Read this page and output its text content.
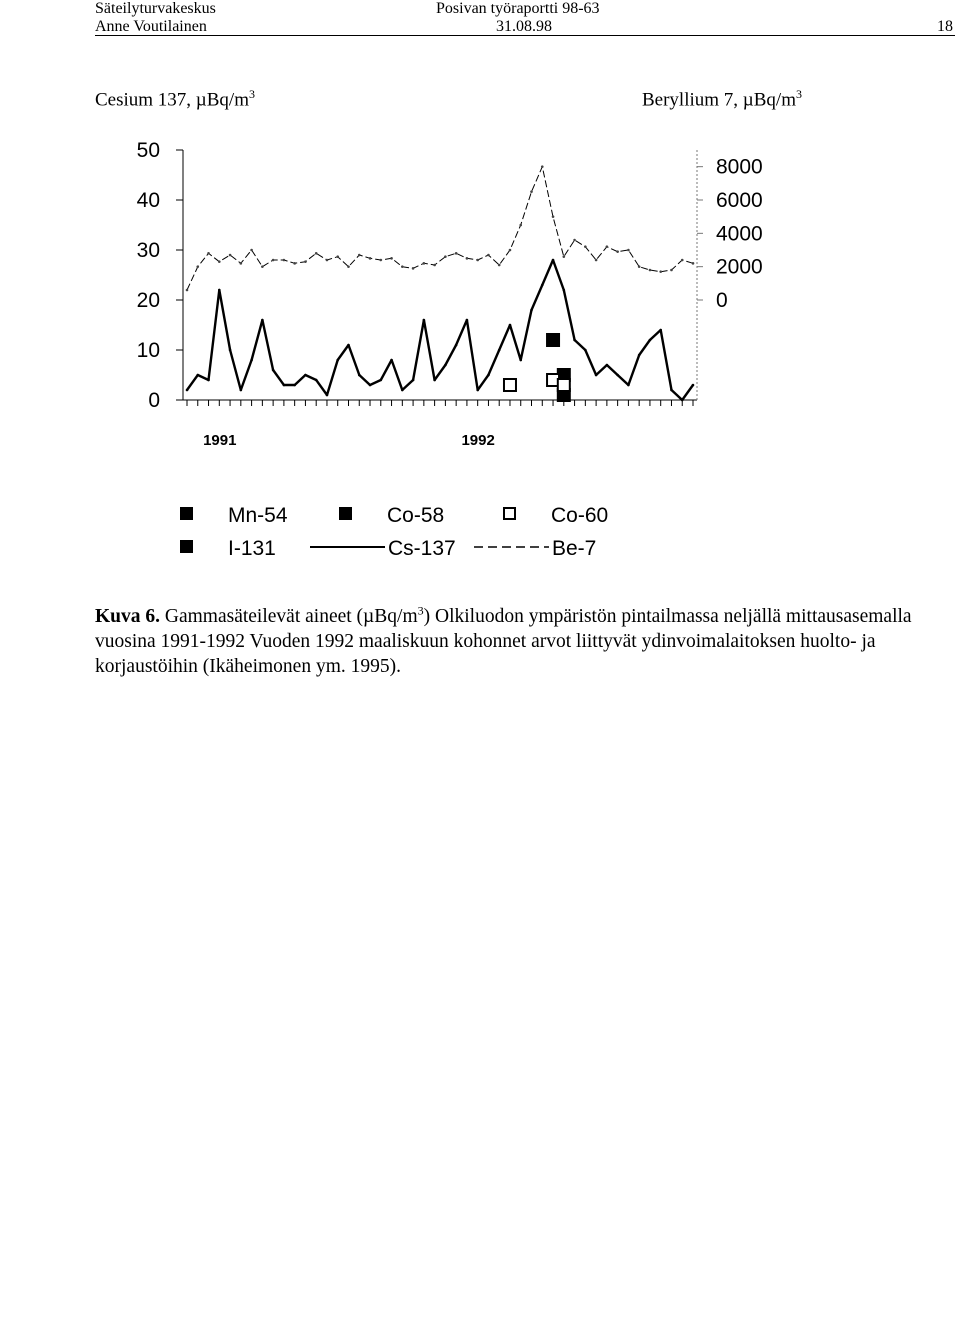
Säteilyturvakeskus
Anne Voutilainen
Posivan työraportti 98-63
31.08.98	18
Cesium 137, µBq/$m^3$	Beryllium 7, µBq/$m^3$
0
10
20
30
40
50
0
2000
4000
6000
8000
1991	1992
Mn-54	Co-58	Co-60
I-131	Cs-137	Be-7
Kuva 6. Gammasäteilevät aineet $(\mu Bq/m^3)$ Olkiluodon ympäristön pintailmassa neljällä mittausasemalla vuosina 1991-1992 Vuoden 1992 maaliskuun kohonnet arvot liittyvät ydinvoimalaitoksen huolto- ja korjaustöihin (Ikäheimonen ym. 1995).
